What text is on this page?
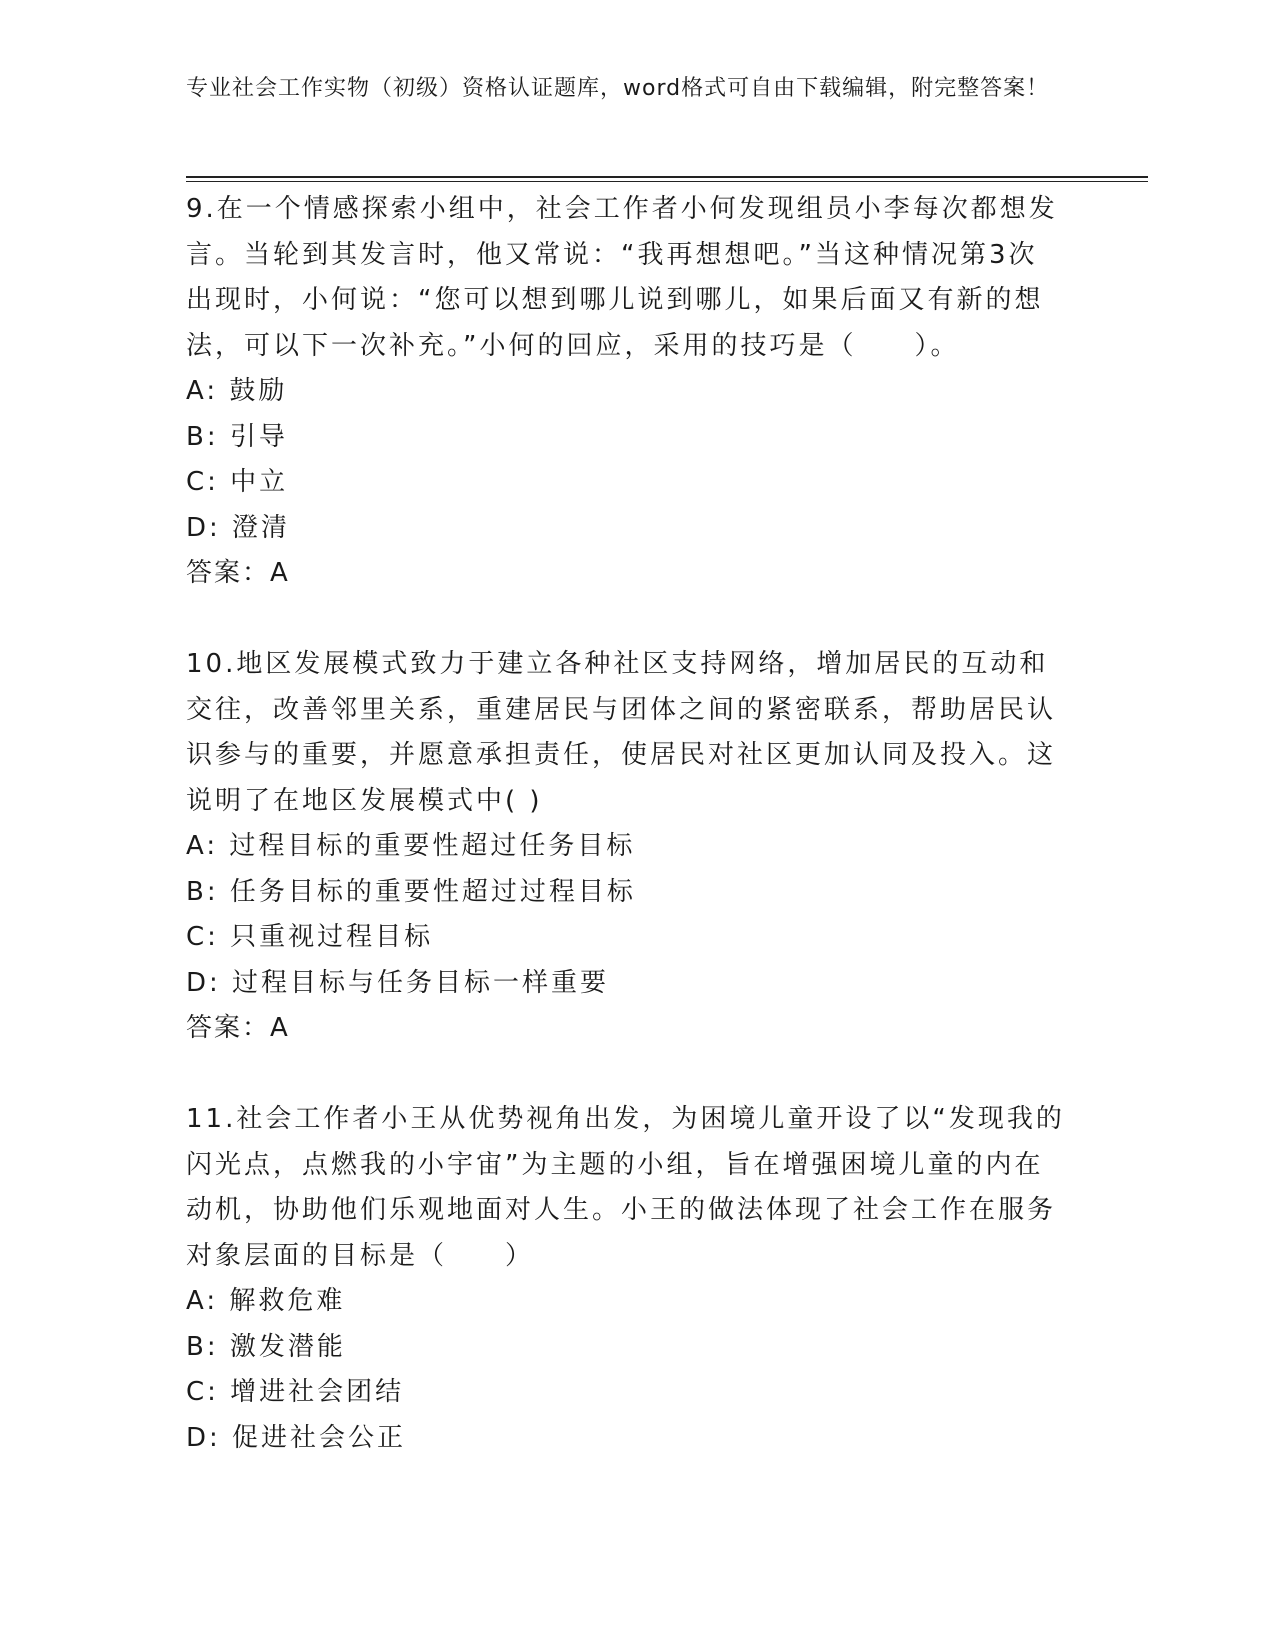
专业社会工作实物（初级）资格认证题库，word格式可自由下载编辑，附完整答案！

9.在一个情感探索小组中，社会工作者小何发现组员小李每次都想发言。当轮到其发言时，他又常说：“我再想想吧。”当这种情况第3次出现时，小何说：“您可以想到哪儿说到哪儿，如果后面又有新的想法，可以下一次补充。”小何的回应，采用的技巧是（　　）。

A: 鼓励
B: 引导
C: 中立
D: 澄清
答案：A

10.地区发展模式致力于建立各种社区支持网络，增加居民的互动和交往，改善邻里关系，重建居民与团体之间的紧密联系，帮助居民认识参与的重要，并愿意承担责任，使居民对社区更加认同及投入。这说明了在地区发展模式中( )

A: 过程目标的重要性超过任务目标
B: 任务目标的重要性超过过程目标
C: 只重视过程目标
D: 过程目标与任务目标一样重要
答案：A

11.社会工作者小王从优势视角出发，为困境儿童开设了以“发现我的闪光点，点燃我的小宇宙”为主题的小组，旨在增强困境儿童的内在动机，协助他们乐观地面对人生。小王的做法体现了社会工作在服务对象层面的目标是（　　）

A: 解救危难
B: 激发潜能
C: 增进社会团结
D: 促进社会公正
